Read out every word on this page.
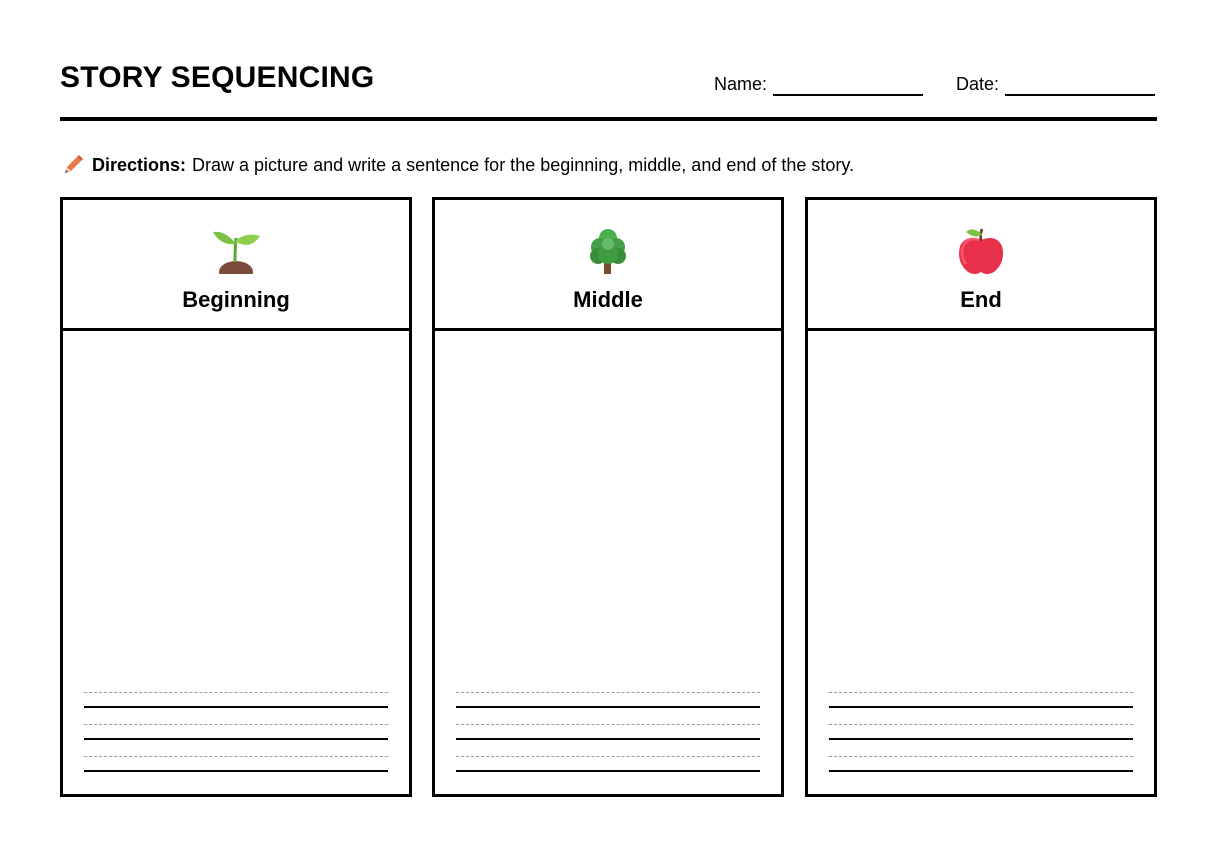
STORY SEQUENCING	Name:	Date:
Directions: Draw a picture and write a sentence for the beginning, middle, and end of the story.
Beginning	Middle	End
